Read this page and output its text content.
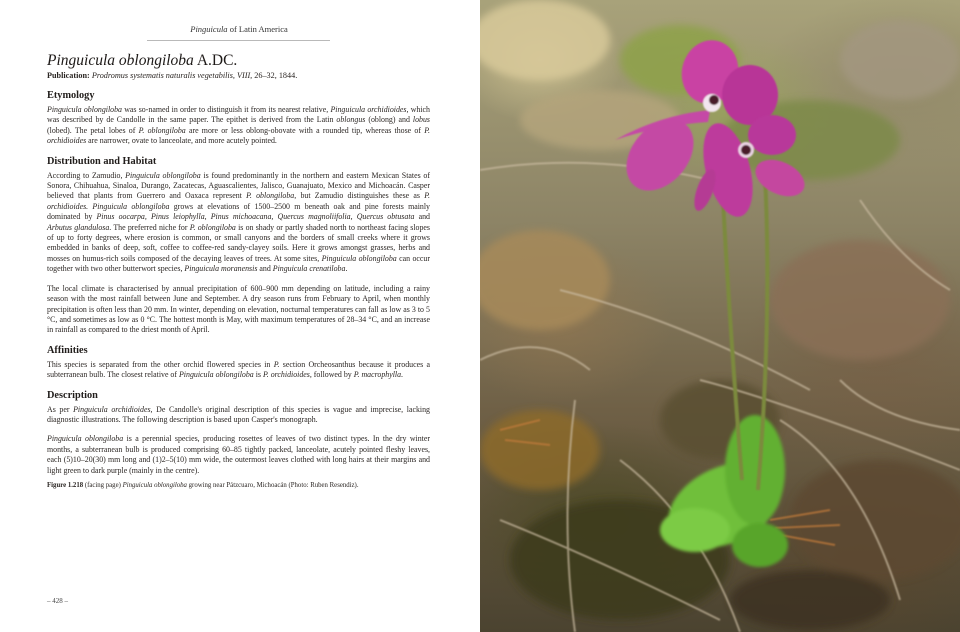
Pinguicula of Latin America
Pinguicula oblongiloba A.DC.
Publication: Prodromus systematis naturalis vegetabilis, VIII, 26–32, 1844.
Etymology

Pinguicula oblongiloba was so-named in order to distinguish it from its nearest relative, Pinguicula orchidioides, which was described by de Candolle in the same paper. The epithet is derived from the Latin oblongus (oblong) and lobus (lobed). The petal lobes of P. oblongiloba are more or less oblong-obovate with a rounded tip, whereas those of P. orchidioides are narrower, ovate to lanceolate, and more acutely pointed.

Distribution and Habitat

According to Zamudio, Pinguicula oblongiloba is found predominantly in the northern and eastern Mexican States of Sonora, Chihuahua, Sinaloa, Durango, Zacatecas, Aguascalientes, Jalisco, Guanajuato, Mexico and Michoacán. Casper believed that plants from Guerrero and Oaxaca represent P. oblongiloba, but Zamudio distinguishes these as P. orchidioides. Pinguicula oblongiloba grows at elevations of 1500–2500 m beneath oak and pine forests mainly dominated by Pinus oocarpa, Pinus leiophylla, Pinus michoacana, Quercus magnoliifolia, Quercus obtusata and Arbutus glandulosa. The preferred niche for P. oblongiloba is on shady or partly shaded north to northeast facing slopes of up to forty degrees, where erosion is common, or small canyons and the borders of small creeks where it grows embedded in banks of deep, soft, coffee to coffee-red sandy-clayey soils. Here it grows amongst grasses, herbs and mosses on humus-rich soils composed of the decaying leaves of trees. At some sites, Pinguicula oblongiloba can occur together with two other butterwort species, Pinguicula moranensis and Pinguicula crenatiloba.

The local climate is characterised by annual precipitation of 600–900 mm depending on latitude, including a rainy season with the most rainfall between June and September. A dry season runs from February to April, when monthly precipitation is often less than 20 mm. In winter, depending on elevation, nocturnal temperatures can fall as low as 3 to 5 °C, and sometimes as low as 0 °C. The hottest month is May, with maximum temperatures of 28–34 °C, and an increase in rainfall as compared to the driest month of April.

Affinities

This species is separated from the other orchid flowered species in P. section Orcheosanthus because it produces a subterranean bulb. The closest relative of Pinguicula oblongiloba is P. orchidioides, followed by P. macrophylla.

Description

As per Pinguicula orchidioides, De Candolle's original description of this species is vague and imprecise, lacking diagnostic illustrations. The following description is based upon Casper's monograph.

Pinguicula oblongiloba is a perennial species, producing rosettes of leaves of two distinct types. In the dry winter months, a subterranean bulb is produced comprising 60–85 tightly packed, lanceolate, acutely pointed fleshy leaves, each (5)10–20(30) mm long and (1)2–5(10) mm wide, the outermost leaves clothed with long hairs at their margins and light green to dark purple (mainly in the centre).

Figure 1.218 (facing page) Pinguicula oblongiloba growing near Pátzcuaro, Michoacán (Photo: Ruben Resendiz).
– 428 –
